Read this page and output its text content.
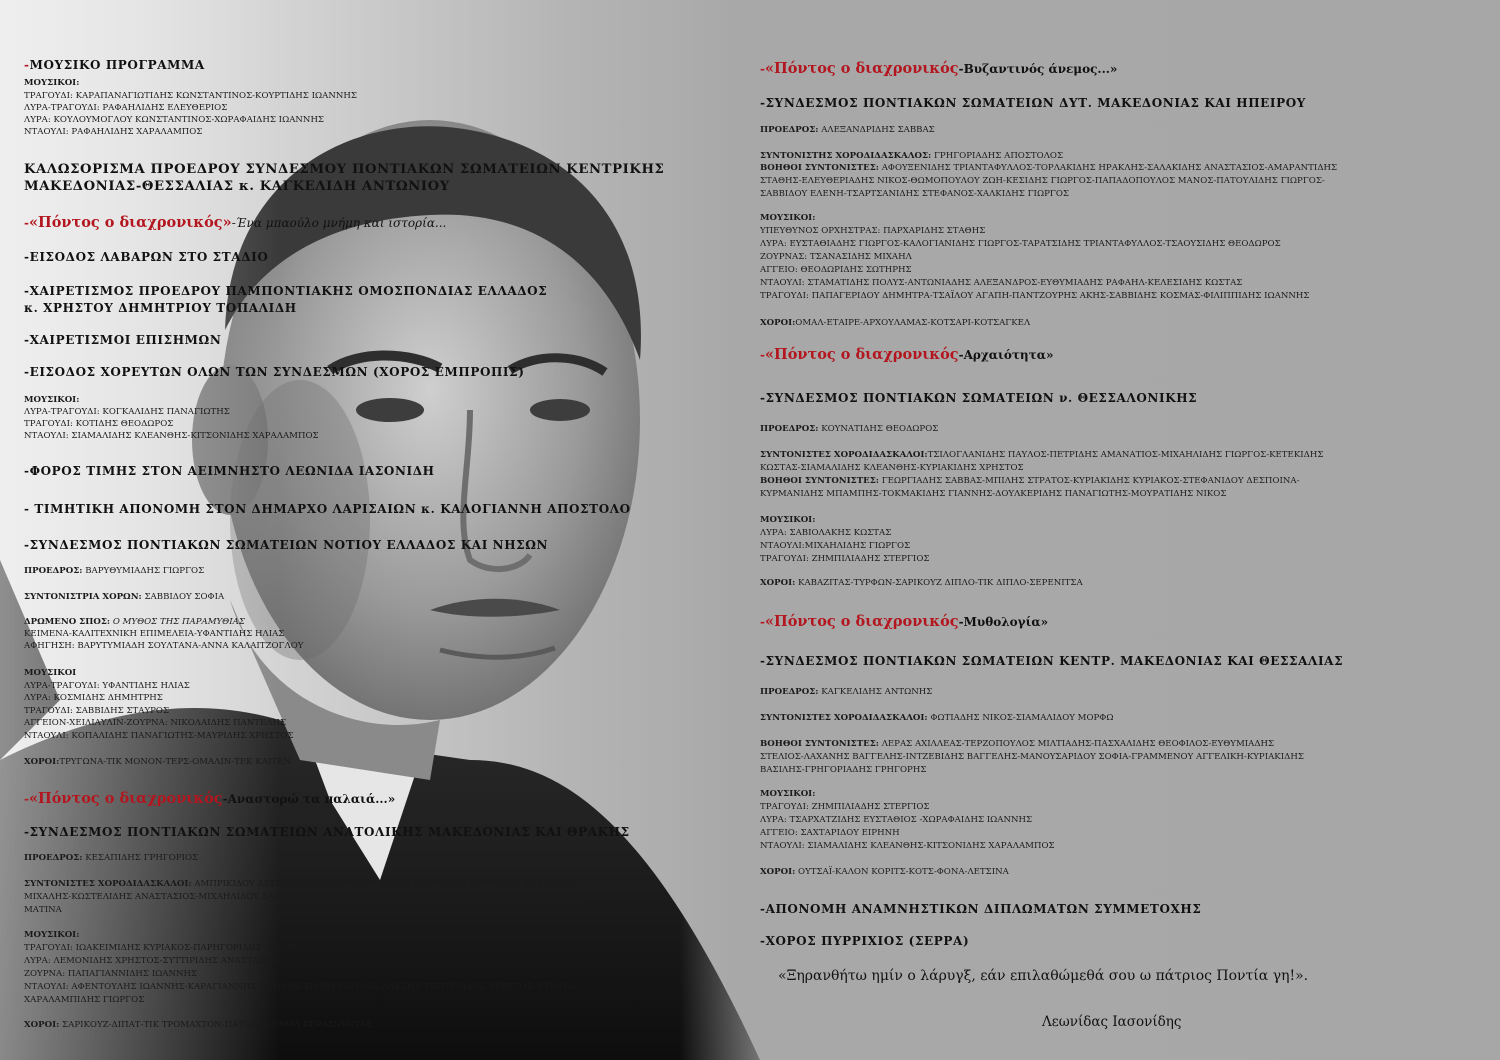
-ΜΟΥΣΙΚΟ ΠΡΟΓΡΑΜΜΑ
ΜΟΥΣΙΚΟΙ:
ΤΡΑΓΟΥΔΙ: ΚΑΡΑΠΑΝΑΓΙΩΤΙΔΗΣ ΚΩΝΣΤΑΝΤΙΝΟΣ-ΚΟΥΡΤΙΔΗΣ ΙΩΑΝΝΗΣ
ΛΥΡΑ-ΤΡΑΓΟΥΔΙ: ΡΑΦΑΗΛΙΔΗΣ ΕΛΕΥΘΕΡΙΟΣ
ΛΥΡΑ: ΚΟΥΛΟΥΜΟΓΛΟΥ ΚΩΝΣΤΑΝΤΙΝΟΣ-ΧΩΡΑΦΑΙΔΗΣ ΙΩΑΝΝΗΣ
ΝΤΑΟΥΛΙ: ΡΑΦΑΗΛΙΔΗΣ ΧΑΡΑΛΑΜΠΟΣ
ΚΑΛΩΣΟΡΙΣΜΑ ΠΡΟΕΔΡΟΥ ΣΥΝΔΕΣΜΟΥ ΠΟΝΤΙΑΚΩΝ ΣΩΜΑΤΕΙΩΝ ΚΕΝΤΡΙΚΗΣ
ΜΑΚΕΔΟΝΙΑΣ-ΘΕΣΣΑΛΙΑΣ κ. ΚΑΓΚΕΛΙΔΗ ΑΝΤΩΝΙΟΥ
-«Πόντος ο διαχρονικός»-Ένα μπαούλο μνήμη και ιστορία...
-ΕΙΣΟΔΟΣ ΛΑΒΑΡΩΝ ΣΤΟ ΣΤΑΔΙΟ
-ΧΑΙΡΕΤΙΣΜΟΣ ΠΡΟΕΔΡΟΥ ΠΑΜΠΟΝΤΙΑΚΗΣ ΟΜΟΣΠΟΝΔΙΑΣ ΕΛΛΑΔΟΣ
κ. ΧΡΗΣΤΟΥ ΔΗΜΗΤΡΙΟΥ ΤΟΠΑΛΙΔΗ
-ΧΑΙΡΕΤΙΣΜΟΙ ΕΠΙΣΗΜΩΝ
-ΕΙΣΟΔΟΣ ΧΟΡΕΥΤΩΝ ΟΛΩΝ ΤΩΝ ΣΥΝΔΕΣΜΩΝ (ΧΟΡΟΣ ΕΜΠΡΟΠΙΣ)
ΜΟΥΣΙΚΟΙ:
ΛΥΡΑ-ΤΡΑΓΟΥΔΙ: ΚΟΓΚΑΛΙΔΗΣ ΠΑΝΑΓΙΩΤΗΣ
ΤΡΑΓΟΥΔΙ: ΚΟΤΙΔΗΣ ΘΕΟΔΩΡΟΣ
ΝΤΑΟΥΛΙ: ΣΙΑΜΑΛΙΔΗΣ ΚΛΕΑΝΘΗΣ-ΚΙΤΣΟΝΙΔΗΣ ΧΑΡΑΛΑΜΠΟΣ
-ΦΟΡΟΣ ΤΙΜΗΣ ΣΤΟΝ ΑΕΙΜΝΗΣΤΟ ΛΕΩΝΙΔΑ ΙΑΣΟΝΙΔΗ
- ΤΙΜΗΤΙΚΗ ΑΠΟΝΟΜΗ ΣΤΟΝ ΔΗΜΑΡΧΟ ΛΑΡΙΣΑΙΩΝ κ. ΚΑΛΟΓΙΑΝΝΗ ΑΠΟΣΤΟΛΟ
-ΣΥΝΔΕΣΜΟΣ ΠΟΝΤΙΑΚΩΝ ΣΩΜΑΤΕΙΩΝ ΝΟΤΙΟΥ ΕΛΛΑΔΟΣ ΚΑΙ ΝΗΣΩΝ
ΠΡΟΕΔΡΟΣ: ΒΑΡΥΘΥΜΙΑΔΗΣ ΓΙΩΡΓΟΣ
ΣΥΝΤΟΝΙΣΤΡΙΑ ΧΟΡΩΝ: ΣΑΒΒΙΔΟΥ ΣΟΦΙΑ
ΔΡΩΜΕΝΟ ΣΠΟΣ: Ο ΜΥΘΟΣ ΤΗΣ ΠΑΡΑΜΥΘΙΑΣ
ΚΕΙΜΕΝΑ-ΚΑΛΙΤΕΧΝΙΚΗ ΕΠΙΜΕΛΕΙΑ-ΥΦΑΝΤΙΔΗΣ ΗΛΙΑΣ
ΑΦΗΓΗΣΗ: ΒΑΡΥΤΥΜΙΑΔΗ ΣΟΥΛΤΑΝΑ-ΑΝΝΑ ΚΑΛΑΙΤΖΟΓΛΟΥ
ΜΟΥΣΙΚΟΙ
ΛΥΡΑ-ΤΡΑΓΟΥΔΙ: ΥΦΑΝΤΙΔΗΣ ΗΛΙΑΣ
ΛΥΡΑ: ΚΟΣΜΙΔΗΣ ΔΗΜΗΤΡΗΣ
ΤΡΑΓΟΥΔΙ: ΣΑΒΒΙΔΗΣ ΣΤΑΥΡΟΣ
ΑΓΓΕΙΟΝ-ΧΕΙΛΙΑΥΛΙΝ-ΖΟΥΡΝΑ: ΝΙΚΟΛΑΙΔΗΣ ΠΑΝΤΕΛΗΣ
ΝΤΑΟΥΛΙ: ΚΟΠΑΛΙΔΗΣ ΠΑΝΑΓΙΩΤΗΣ-ΜΑΥΡΙΔΗΣ ΧΡΗΣΤΟΣ
ΧΟΡΟΙ:ΤΡΥΓΩΝΑ-ΤΙΚ ΜΟΝΟΝ-ΤΕΡΣ-ΟΜΑΛΙΝ-ΤΕΚ ΚΑΙΤΕΝ
-«Πόντος ο διαχρονικός-Αναστορώ τα παλαιά...»
-ΣΥΝΔΕΣΜΟΣ ΠΟΝΤΙΑΚΩΝ ΣΩΜΑΤΕΙΩΝ ΑΝΑΤΟΛΙΚΗΣ ΜΑΚΕΔΟΝΙΑΣ ΚΑΙ ΘΡΑΚΗΣ
ΠΡΟΕΔΡΟΣ: ΚΕΣΑΠΙΔΗΣ ΓΡΗΓΟΡΙΟΣ
ΣΥΝΤΟΝΙΣΤΕΣ ΧΟΡΟΔΙΔΑΣΚΑΛΟΙ: ΑΜΠΡΙΚΙΔΟΥ ΔΕΣΠΟΙΝΑ-ΔΙΑΜΑΝΤΙΔΟΥ ΜΑΡΙΑ-ΚΑΛΤΣΙΔΗΣ ΜΑΘΘΑΙΟΣ-ΚΑΤΑΣΙΔΗΣ
ΜΙΧΑΛΗΣ-ΚΩΣΤΕΛΙΔΗΣ ΑΝΑΣΤΑΣΙΟΣ-ΜΙΧΑΗΛΙΔΟΥ ΣΑΛΩΜΗ-ΝΙΚΟΛΑΟΥ ΣΤΕΛΙΟΣ-ΠΑΚΑΤΑΡΙΔΗΣ ΧΡΗΣΤΟΣ-ΤΣΟΥΛΦΙΔΟΥ
ΜΑΤΙΝΑ
ΜΟΥΣΙΚΟΙ:
ΤΡΑΓΟΥΔΙ: ΙΩΑΚΕΙΜΙΔΗΣ ΚΥΡΙΑΚΟΣ-ΠΑΡΗΓΟΡΙΔΗΣ ΙΩΑΝΝΗΣ
ΛΥΡΑ: ΛΕΜΟΝΙΔΗΣ ΧΡΗΣΤΟΣ-ΣΥΤΤΙΡΙΔΗΣ ΑΝΑΣΤΑΣΙΟΣ-
ΖΟΥΡΝΑ: ΠΑΠΑΓΙΑΝΝΙΔΗΣ ΙΩΑΝΝΗΣ
ΝΤΑΟΥΛΙ: ΑΦΕΝΤΟΥΛΗΣ ΙΩΑΝΝΗΣ-ΚΑΡΑΓΙΑΝΝΗΣ ΒΑΣΙΛΗΣ-ΣΙΔΗΡΟΠΟΥΛΟΣ ΑΛΕΞΗΣ-ΤΣΕΠΕΝΙΔΗΣ ΧΡΗΣΤΟΣ-ΝΤΑΟΥΛΙ
ΧΑΡΑΛΑΜΠΙΔΗΣ ΓΙΩΡΓΟΣ
ΧΟΡΟΙ: ΣΑΡΙΚΟΥΖ-ΔΙΠΑΤ-ΤΙΚ ΤΡΟΜΑΧΤΟΝ-ΠΑΤΟΥΛΑ-ΟΜΑΛ ΚΕΡΑΣΟΥΝΤΑΣ
-«Πόντος ο διαχρονικός-Βυζαντινός άνεμος...»
-ΣΥΝΔΕΣΜΟΣ ΠΟΝΤΙΑΚΩΝ ΣΩΜΑΤΕΙΩΝ ΔΥΤ. ΜΑΚΕΔΟΝΙΑΣ ΚΑΙ ΗΠΕΙΡΟΥ
ΠΡΟΕΔΡΟΣ: ΑΛΕΞΑΝΔΡΙΔΗΣ ΣΑΒΒΑΣ
ΣΥΝΤΟΝΙΣΤΗΣ ΧΟΡΟΔΙΔΑΣΚΑΛΟΣ: ΓΡΗΓΟΡΙΑΔΗΣ ΑΠΟΣΤΟΛΟΣ
ΒΟΗΘΟΙ ΣΥΝΤΟΝΙΣΤΕΣ: ΑΦΟΥΞΕΝΙΔΗΣ ΤΡΙΑΝΤΑΦΥΛΛΟΣ-ΤΟΡΛΑΚΙΔΗΣ ΗΡΑΚΛΗΣ-ΣΑΛΑΚΙΔΗΣ ΑΝΑΣΤΑΣΙΟΣ-ΑΜΑΡΑΝΤΙΔΗΣ
ΣΤΑΘΗΣ-ΕΛΕΥΘΕΡΙΑΔΗΣ ΝΙΚΟΣ-ΘΩΜΟΠΟΥΛΟΥ ΖΩΗ-ΚΕΣΙΔΗΣ ΓΙΩΡΓΟΣ-ΠΑΠΑΔΟΠΟΥΛΟΣ ΜΑΝΟΣ-ΠΑΤΟΥΛΙΔΗΣ ΓΙΩΡΓΟΣ-
ΣΑΒΒΙΔΟΥ ΕΛΕΝΗ-ΤΣΑΡΤΣΑΝΙΔΗΣ ΣΤΕΦΑΝΟΣ-ΧΑΛΚΙΔΗΣ ΓΙΩΡΓΟΣ
ΜΟΥΣΙΚΟΙ:
ΥΠΕΥΘΥΝΟΣ ΟΡΧΗΣΤΡΑΣ: ΠΑΡΧΑΡΙΔΗΣ ΣΤΑΘΗΣ
ΛΥΡΑ: ΕΥΣΤΑΘΙΑΔΗΣ ΓΙΩΡΓΟΣ-ΚΑΛΟΓΙΑΝΙΔΗΣ ΓΙΩΡΓΟΣ-ΤΑΡΑΤΣΙΔΗΣ ΤΡΙΑΝΤΑΦΥΛΛΟΣ-ΤΣΑΟΥΣΙΔΗΣ ΘΕΟΔΩΡΟΣ
ΖΟΥΡΝΑΣ: ΤΣΑΝΑΣΙΔΗΣ ΜΙΧΑΗΛ
ΑΓΓΕΙΟ: ΘΕΟΔΩΡΙΔΗΣ ΣΩΤΗΡΗΣ
ΝΤΑΟΥΛΙ: ΣΤΑΜΑΤΙΔΗΣ ΠΟΛΥΣ-ΑΝΤΩΝΙΑΔΗΣ ΑΛΕΞΑΝΔΡΟΣ-ΕΥΘΥΜΙΑΔΗΣ ΡΑΦΑΗΛ-ΚΕΛΕΣΙΔΗΣ ΚΩΣΤΑΣ
ΤΡΑΓΟΥΔΙ: ΠΑΠΑΓΕΡΙΔΟΥ ΔΗΜΗΤΡΑ-ΤΣΑΪΛΟΥ ΑΓΑΠΗ-ΠΑΝΤΖΟΥΡΗΣ ΑΚΗΣ-ΣΑΒΒΙΔΗΣ ΚΟΣΜΑΣ-ΦΙΛΙΠΠΙΔΗΣ ΙΩΑΝΝΗΣ
ΧΟΡΟΙ:ΟΜΑΛ-ΕΤΑΙΡΕ-ΑΡΧΟΥΛΑΜΑΣ-ΚΟΤΣΑΡΙ-ΚΟΤΣΑΓΚΕΛ
-«Πόντος ο διαχρονικός-Αρχαιότητα»
-ΣΥΝΔΕΣΜΟΣ ΠΟΝΤΙΑΚΩΝ ΣΩΜΑΤΕΙΩΝ ν. ΘΕΣΣΑΛΟΝΙΚΗΣ
ΠΡΟΕΔΡΟΣ: ΚΟΥΝΑΤΙΔΗΣ ΘΕΟΔΩΡΟΣ
ΣΥΝΤΟΝΙΣΤΕΣ ΧΟΡΟΔΙΔΑΣΚΑΛΟΙ:ΤΣΙΛΟΓΛΑΝΙΔΗΣ ΠΑΥΛΟΣ-ΠΕΤΡΙΔΗΣ ΑΜΑΝΑΤΙΟΣ-ΜΙΧΑΗΛΙΔΗΣ ΓΙΩΡΓΟΣ-ΚΕΤΕΚΙΔΗΣ
ΚΩΣΤΑΣ-ΣΙΑΜΑΛΙΔΗΣ ΚΛΕΑΝΘΗΣ-ΚΥΡΙΑΚΙΔΗΣ ΧΡΗΣΤΟΣ
ΒΟΗΘΟΙ ΣΥΝΤΟΝΙΣΤΕΣ: ΓΕΩΡΓΙΑΔΗΣ ΣΑΒΒΑΣ-ΜΠΙΛΗΣ ΣΤΡΑΤΟΣ-ΚΥΡΙΑΚΙΔΗΣ ΚΥΡΙΑΚΟΣ-ΣΤΕΦΑΝΙΔΟΥ ΔΕΣΠΟΙΝΑ-
ΚΥΡΜΑΝΙΔΗΣ ΜΠΑΜΠΗΣ-ΤΟΚΜΑΚΙΔΗΣ ΓΙΑΝΝΗΣ-ΔΟΥΛΚΕΡΙΔΗΣ ΠΑΝΑΓΙΩΤΗΣ-ΜΟΥΡΑΤΙΔΗΣ ΝΙΚΟΣ
ΜΟΥΣΙΚΟΙ:
ΛΥΡΑ: ΣΑΒΙΟΛΑΚΗΣ ΚΩΣΤΑΣ
ΝΤΑΟΥΛΙ:ΜΙΧΑΗΛΙΔΗΣ ΓΙΩΡΓΟΣ
ΤΡΑΓΟΥΔΙ: ΖΗΜΠΙΛΙΑΔΗΣ ΣΤΕΡΓΙΟΣ
ΧΟΡΟΙ: ΚΑΒΑΖΙΤΑΣ-ΤΥΡΦΩΝ-ΣΑΡΙΚΟΥΖ ΔΙΠΛΟ-ΤΙΚ ΔΙΠΛΟ-ΣΕΡΕΝΙΤΣΑ
-«Πόντος ο διαχρονικός-Μυθολογία»
-ΣΥΝΔΕΣΜΟΣ ΠΟΝΤΙΑΚΩΝ ΣΩΜΑΤΕΙΩΝ ΚΕΝΤΡ. ΜΑΚΕΔΟΝΙΑΣ ΚΑΙ ΘΕΣΣΑΛΙΑΣ
ΠΡΟΕΔΡΟΣ: ΚΑΓΚΕΛΙΔΗΣ ΑΝΤΩΝΗΣ
ΣΥΝΤΟΝΙΣΤΕΣ ΧΟΡΟΔΙΔΑΣΚΑΛΟΙ: ΦΩΤΙΑΔΗΣ ΝΙΚΟΣ-ΣΙΑΜΑΛΙΔΟΥ ΜΟΡΦΩ
ΒΟΗΘΟΙ ΣΥΝΤΟΝΙΣΤΕΣ: ΛΕΡΑΣ ΑΧΙΛΛΕΑΣ-ΤΕΡΖΟΠΟΥΛΟΣ ΜΙΛΤΙΑΔΗΣ-ΠΑΣΧΑΛΙΔΗΣ ΘΕΟΦΙΛΟΣ-ΕΥΘΥΜΙΑΔΗΣ
ΣΤΕΛΙΟΣ-ΛΑΧΑΝΗΣ ΒΑΓΓΕΛΗΣ-ΙΝΤΖΕΒΙΔΗΣ ΒΑΓΓΕΛΗΣ-ΜΑΝΟΥΣΑΡΙΔΟΥ ΣΟΦΙΑ-ΓΡΑΜΜΕΝΟΥ ΑΓΓΕΛΙΚΗ-ΚΥΡΙΑΚΙΔΗΣ
ΒΑΣΙΛΗΣ-ΓΡΗΓΟΡΙΑΔΗΣ ΓΡΗΓΟΡΗΣ
ΜΟΥΣΙΚΟΙ:
ΤΡΑΓΟΥΔΙ: ΖΗΜΠΙΛΙΑΔΗΣ ΣΤΕΡΓΙΟΣ
ΛΥΡΑ: ΤΣΑΡΧΑΤΖΙΔΗΣ ΕΥΣΤΑΘΙΟΣ -ΧΩΡΑΦΑΙΔΗΣ ΙΩΑΝΝΗΣ
ΑΓΓΕΙΟ: ΣΑΧΤΑΡΙΔΟΥ ΕΙΡΗΝΗ
ΝΤΑΟΥΛΙ: ΣΙΑΜΑΛΙΔΗΣ ΚΛΕΑΝΘΗΣ-ΚΙΤΣΟΝΙΔΗΣ ΧΑΡΑΛΑΜΠΟΣ
ΧΟΡΟΙ: ΟΥΤΣΑΪ-ΚΑΛΟΝ ΚΟΡΙΤΣ-ΚΟΤΣ-ΦΟΝΑ-ΛΕΤΣΙΝΑ
-ΑΠΟΝΟΜΗ ΑΝΑΜΝΗΣΤΙΚΩΝ ΔΙΠΛΩΜΑΤΩΝ ΣΥΜΜΕΤΟΧΗΣ
-ΧΟΡΟΣ ΠΥΡΡΙΧΙΟΣ (ΣΕΡΡΑ)
«Ξηρανθήτω ημίν ο λάρυγξ, εάν επιλαθώμεθά σου ω πάτριος Ποντία γη!».
Λεωνίδας Ιασονίδης
